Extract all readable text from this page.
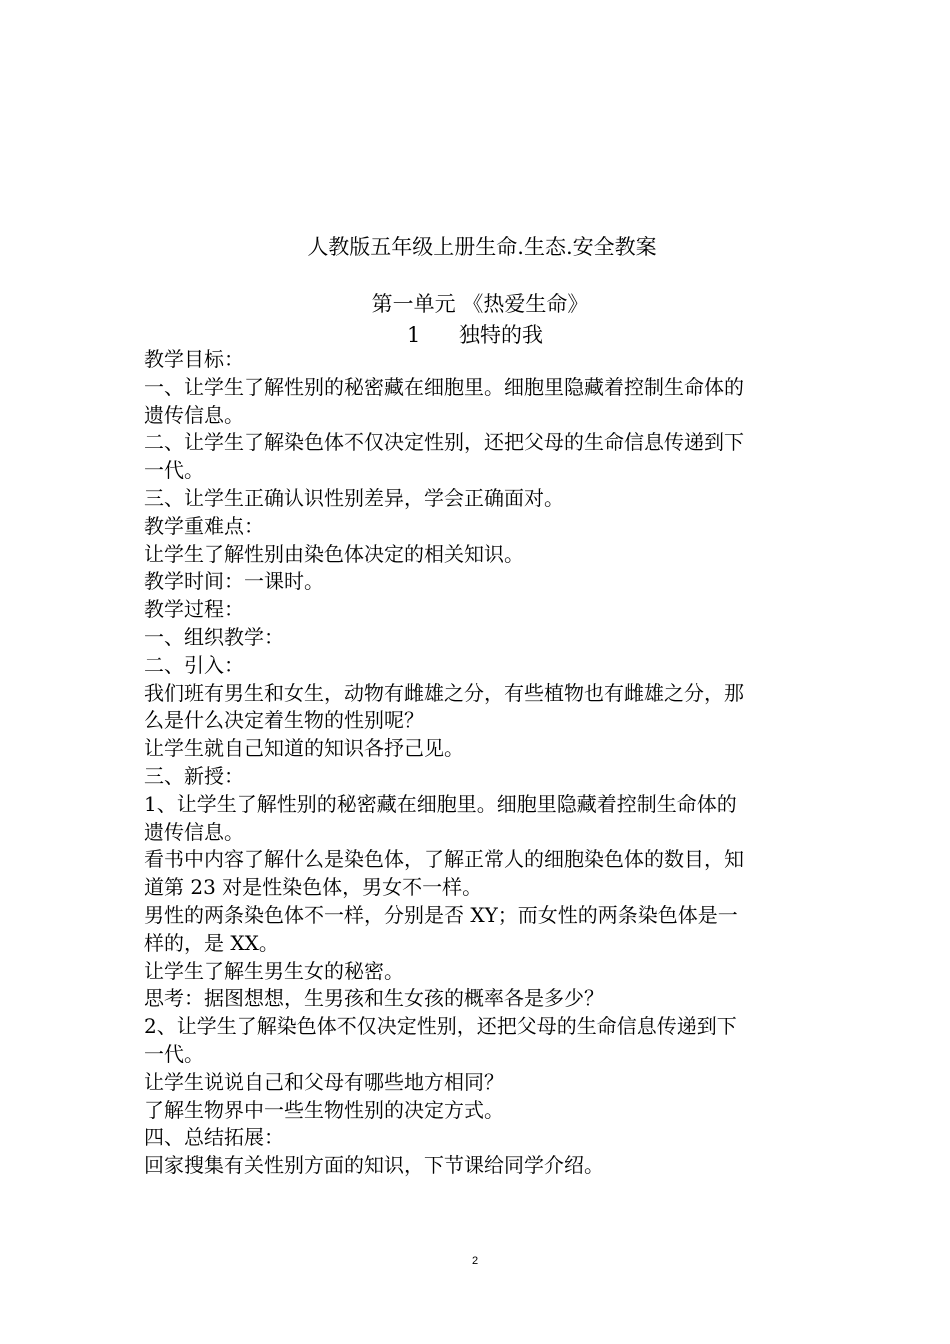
人教版五年级上册生命.生态.安全教案
第一单元 《热爱生命》
1 独特的我
教学目标：
一、让学生了解性别的秘密藏在细胞里。细胞里隐藏着控制生命体的
遗传信息。
二、让学生了解染色体不仅决定性别，还把父母的生命信息传递到下
一代。
三、让学生正确认识性别差异，学会正确面对。
教学重难点：
让学生了解性别由染色体决定的相关知识。
教学时间：一课时。
教学过程：
一、组织教学：
二、引入：
我们班有男生和女生，动物有雌雄之分，有些植物也有雌雄之分，那
么是什么决定着生物的性别呢？
让学生就自己知道的知识各抒己见。
三、新授：
1、让学生了解性别的秘密藏在细胞里。细胞里隐藏着控制生命体的
遗传信息。
看书中内容了解什么是染色体，了解正常人的细胞染色体的数目，知
道第 23 对是性染色体，男女不一样。
男性的两条染色体不一样，分别是否 XY；而女性的两条染色体是一
样的，是 XX。
让学生了解生男生女的秘密。
思考：据图想想，生男孩和生女孩的概率各是多少？
2、让学生了解染色体不仅决定性别，还把父母的生命信息传递到下
一代。
让学生说说自己和父母有哪些地方相同？
了解生物界中一些生物性别的决定方式。
四、总结拓展：
回家搜集有关性别方面的知识，下节课给同学介绍。
2
